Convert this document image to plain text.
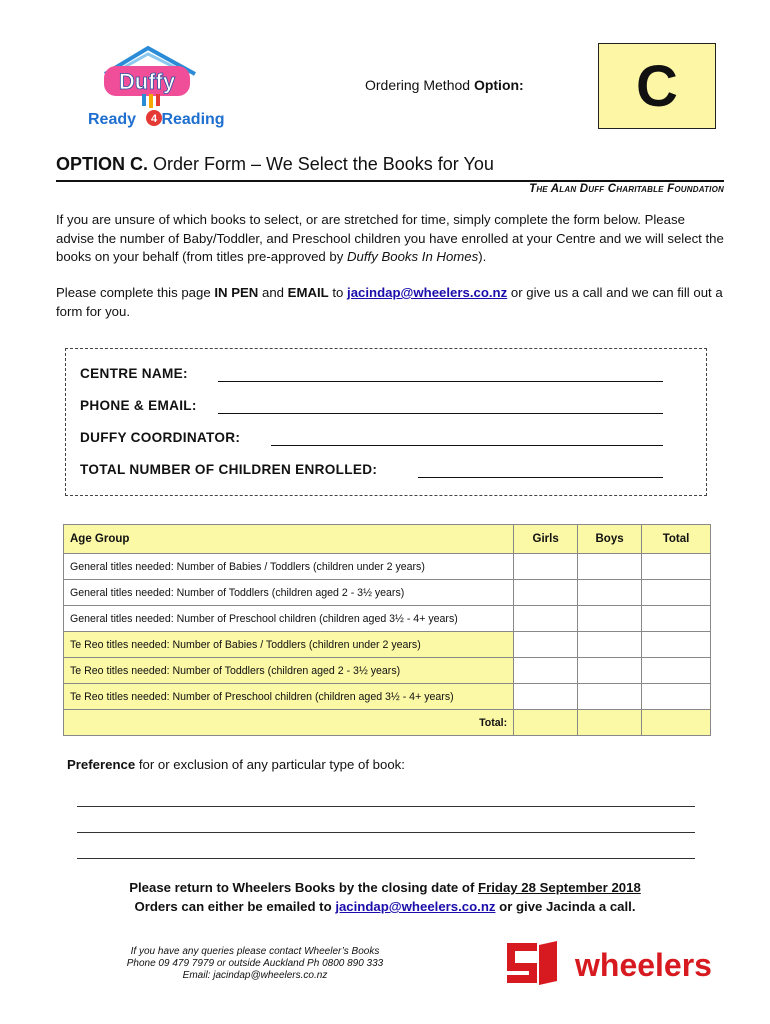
Duffy
4
Ready Reading
Ordering Method Option:	C
OPTION C. Order Form – We Select the Books for You
The Alan Duff Charitable Foundation
If you are unsure of which books to select, or are stretched for time, simply complete the form below. Please advise the number of Baby/Toddler, and Preschool children you have enrolled at your Centre and we will select the books on your behalf (from titles pre-approved by Duffy Books In Homes).
Please complete this page IN PEN and EMAIL to jacindap@wheelers.co.nz or give us a call and we can fill out a form for you.
CENTRE NAME:
PHONE & EMAIL:
DUFFY COORDINATOR:
TOTAL NUMBER OF CHILDREN ENROLLED:
Age Group	Girls	Boys	Total
General titles needed: Number of Babies / Toddlers (children under 2 years)			
General titles needed: Number of Toddlers (children aged 2 - 3½ years)			
General titles needed: Number of Preschool children (children aged 3½ - 4+ years)			
Te Reo titles needed: Number of Babies / Toddlers (children under 2 years)			
Te Reo titles needed: Number of Toddlers (children aged 2 - 3½ years)			
Te Reo titles needed: Number of Preschool children (children aged 3½ - 4+ years)			
Total:			
Preference for or exclusion of any particular type of book:
Please return to Wheelers Books by the closing date of Friday 28 September 2018
Orders can either be emailed to jacindap@wheelers.co.nz or give Jacinda a call.
If you have any queries please contact Wheeler’s Books
Phone 09 479 7979 or outside Auckland Ph 0800 890 333
Email: jacindap@wheelers.co.nz	wheelers
